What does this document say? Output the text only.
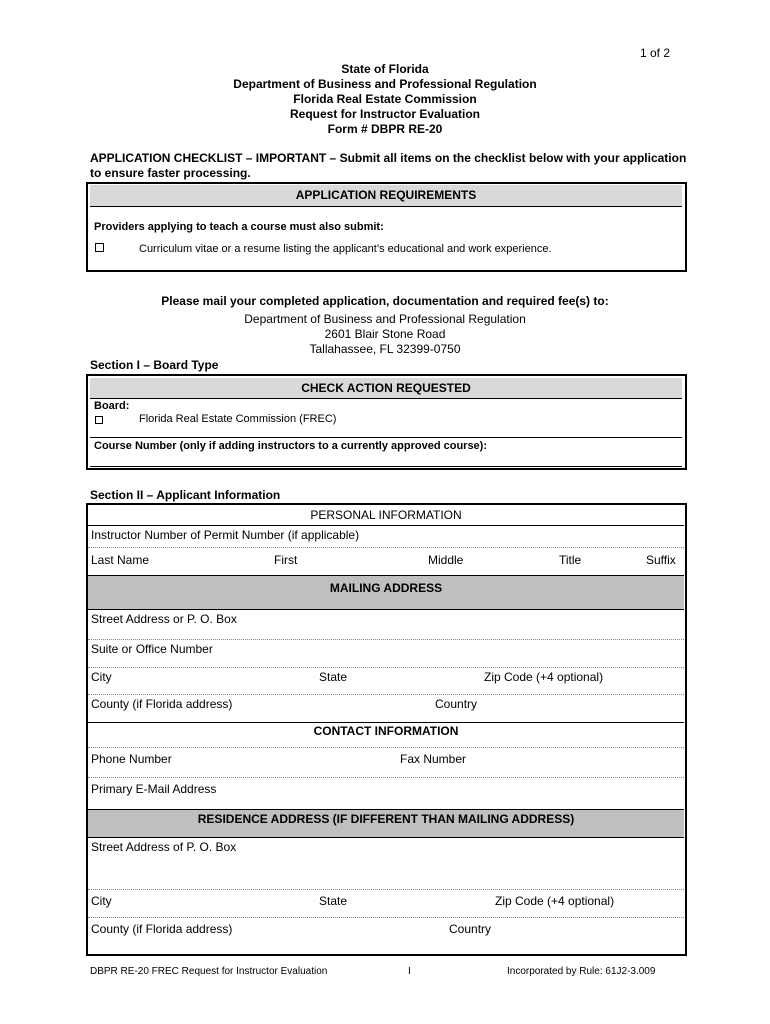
1 of 2
State of Florida
Department of Business and Professional Regulation
Florida Real Estate Commission
Request for Instructor Evaluation
Form # DBPR RE-20
APPLICATION CHECKLIST – IMPORTANT – Submit all items on the checklist below with your application to ensure faster processing.
APPLICATION REQUIREMENTS
Providers applying to teach a course must also submit:
Curriculum vitae or a resume listing the applicant’s educational and work experience.
Please mail your completed application, documentation and required fee(s) to:
Department of Business and Professional Regulation
2601 Blair Stone Road
Tallahassee, FL 32399-0750
Section I – Board Type
CHECK ACTION REQUESTED
Board:
Florida Real Estate Commission (FREC)
Course Number (only if adding instructors to a currently approved course):
Section II – Applicant Information
PERSONAL INFORMATION
Instructor Number of Permit Number (if applicable)
Last Name	First	Middle	Title	Suffix
MAILING ADDRESS
Street Address or P. O. Box
Suite or Office Number
City	State	Zip Code (+4 optional)
County (if Florida address)	Country
CONTACT INFORMATION
Phone Number	Fax Number
Primary E-Mail Address
RESIDENCE ADDRESS (IF DIFFERENT THAN MAILING ADDRESS)
Street Address of P. O. Box
City	State	Zip Code (+4 optional)
County (if Florida address)	Country
DBPR RE-20 FREC Request for Instructor Evaluation	I	Incorporated by Rule: 61J2-3.009
